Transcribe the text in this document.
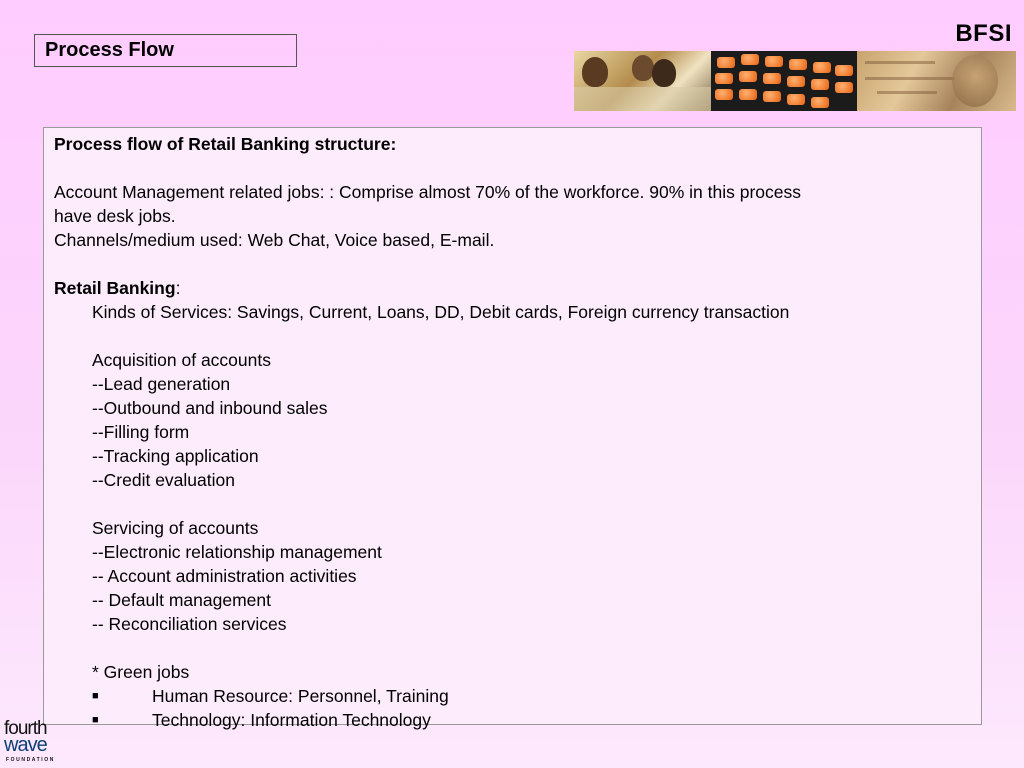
BFSI
Process Flow

Process flow of Retail Banking structure:

Account Management related jobs: : Comprise almost 70% of the workforce. 90% in this process

have desk jobs.

Channels/medium used: Web Chat, Voice based, E-mail.

Retail Banking:

Kinds of Services: Savings, Current, Loans, DD, Debit cards, Foreign currency transaction

Acquisition of accounts

--Lead generation

--Outbound and inbound sales

--Filling form

--Tracking application

--Credit evaluation

Servicing of accounts

--Electronic relationship management

-- Account administration activities

-- Default management

-- Reconciliation services

* Green jobs

■	Human Resource: Personnel, Training
■	Technology: Information Technology
fourth
wave
FOUNDATION
